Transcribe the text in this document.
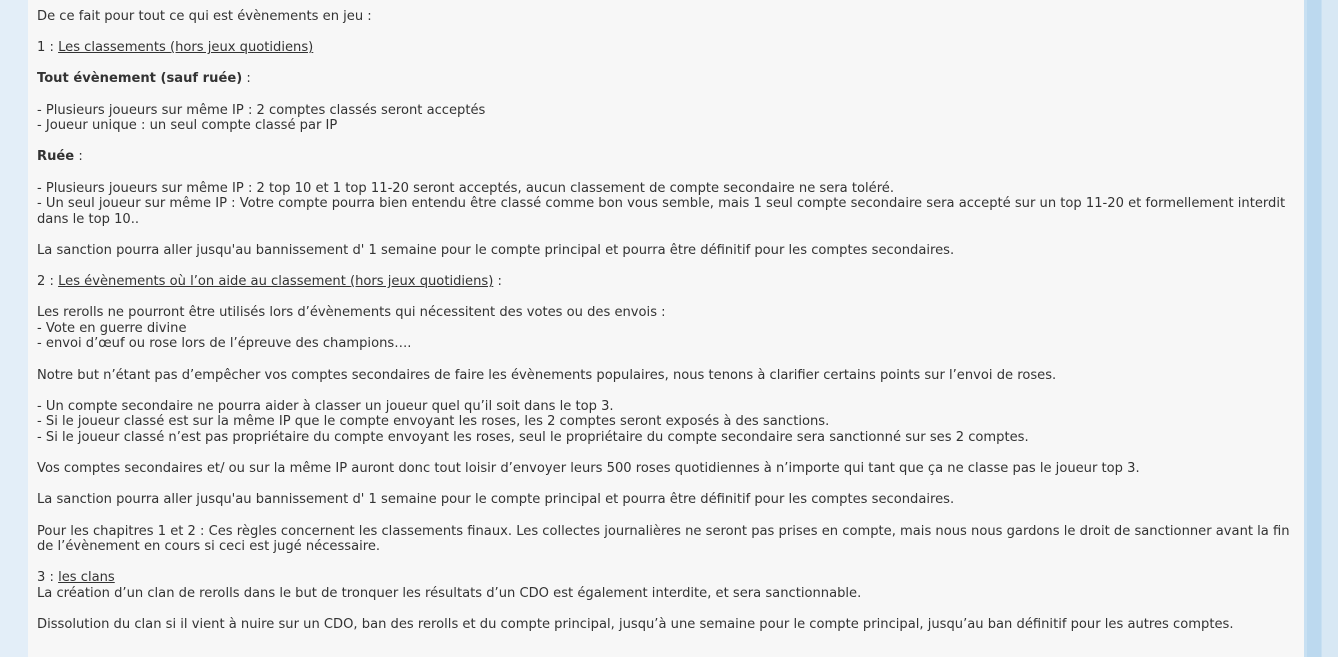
De ce fait pour tout ce qui est évènements en jeu :
1 : Les classements (hors jeux quotidiens)
Tout évènement (sauf ruée) :
- Plusieurs joueurs sur même IP : 2 comptes classés seront acceptés
- Joueur unique : un seul compte classé par IP
Ruée :
- Plusieurs joueurs sur même IP : 2 top 10 et 1 top 11-20 seront acceptés, aucun classement de compte secondaire ne sera toléré.
- Un seul joueur sur même IP : Votre compte pourra bien entendu être classé comme bon vous semble, mais 1 seul compte secondaire sera accepté sur un top 11-20 et formellement interdit dans le top 10..
La sanction pourra aller jusqu'au bannissement d' 1 semaine pour le compte principal et pourra être définitif pour les comptes secondaires.
2 : Les évènements où l’on aide au classement (hors jeux quotidiens) :
Les rerolls ne pourront être utilisés lors d’évènements qui nécessitent des votes ou des envois :
- Vote en guerre divine
- envoi d’œuf ou rose lors de l’épreuve des champions….
Notre but n’étant pas d’empêcher vos comptes secondaires de faire les évènements populaires, nous tenons à clarifier certains points sur l’envoi de roses.
- Un compte secondaire ne pourra aider à classer un joueur quel qu’il soit dans le top 3.
- Si le joueur classé est sur la même IP que le compte envoyant les roses, les 2 comptes seront exposés à des sanctions.
- Si le joueur classé n’est pas propriétaire du compte envoyant les roses, seul le propriétaire du compte secondaire sera sanctionné sur ses 2 comptes.
Vos comptes secondaires et/ ou sur la même IP auront donc tout loisir d’envoyer leurs 500 roses quotidiennes à n’importe qui tant que ça ne classe pas le joueur top 3.
La sanction pourra aller jusqu'au bannissement d' 1 semaine pour le compte principal et pourra être définitif pour les comptes secondaires.
Pour les chapitres 1 et 2 : Ces règles concernent les classements finaux. Les collectes journalières ne seront pas prises en compte, mais nous nous gardons le droit de sanctionner avant la fin de l’évènement en cours si ceci est jugé nécessaire.
3 : les clans
La création d’un clan de rerolls dans le but de tronquer les résultats d’un CDO est également interdite, et sera sanctionnable.
Dissolution du clan si il vient à nuire sur un CDO, ban des rerolls et du compte principal, jusqu’à une semaine pour le compte principal, jusqu’au ban définitif pour les autres comptes.
